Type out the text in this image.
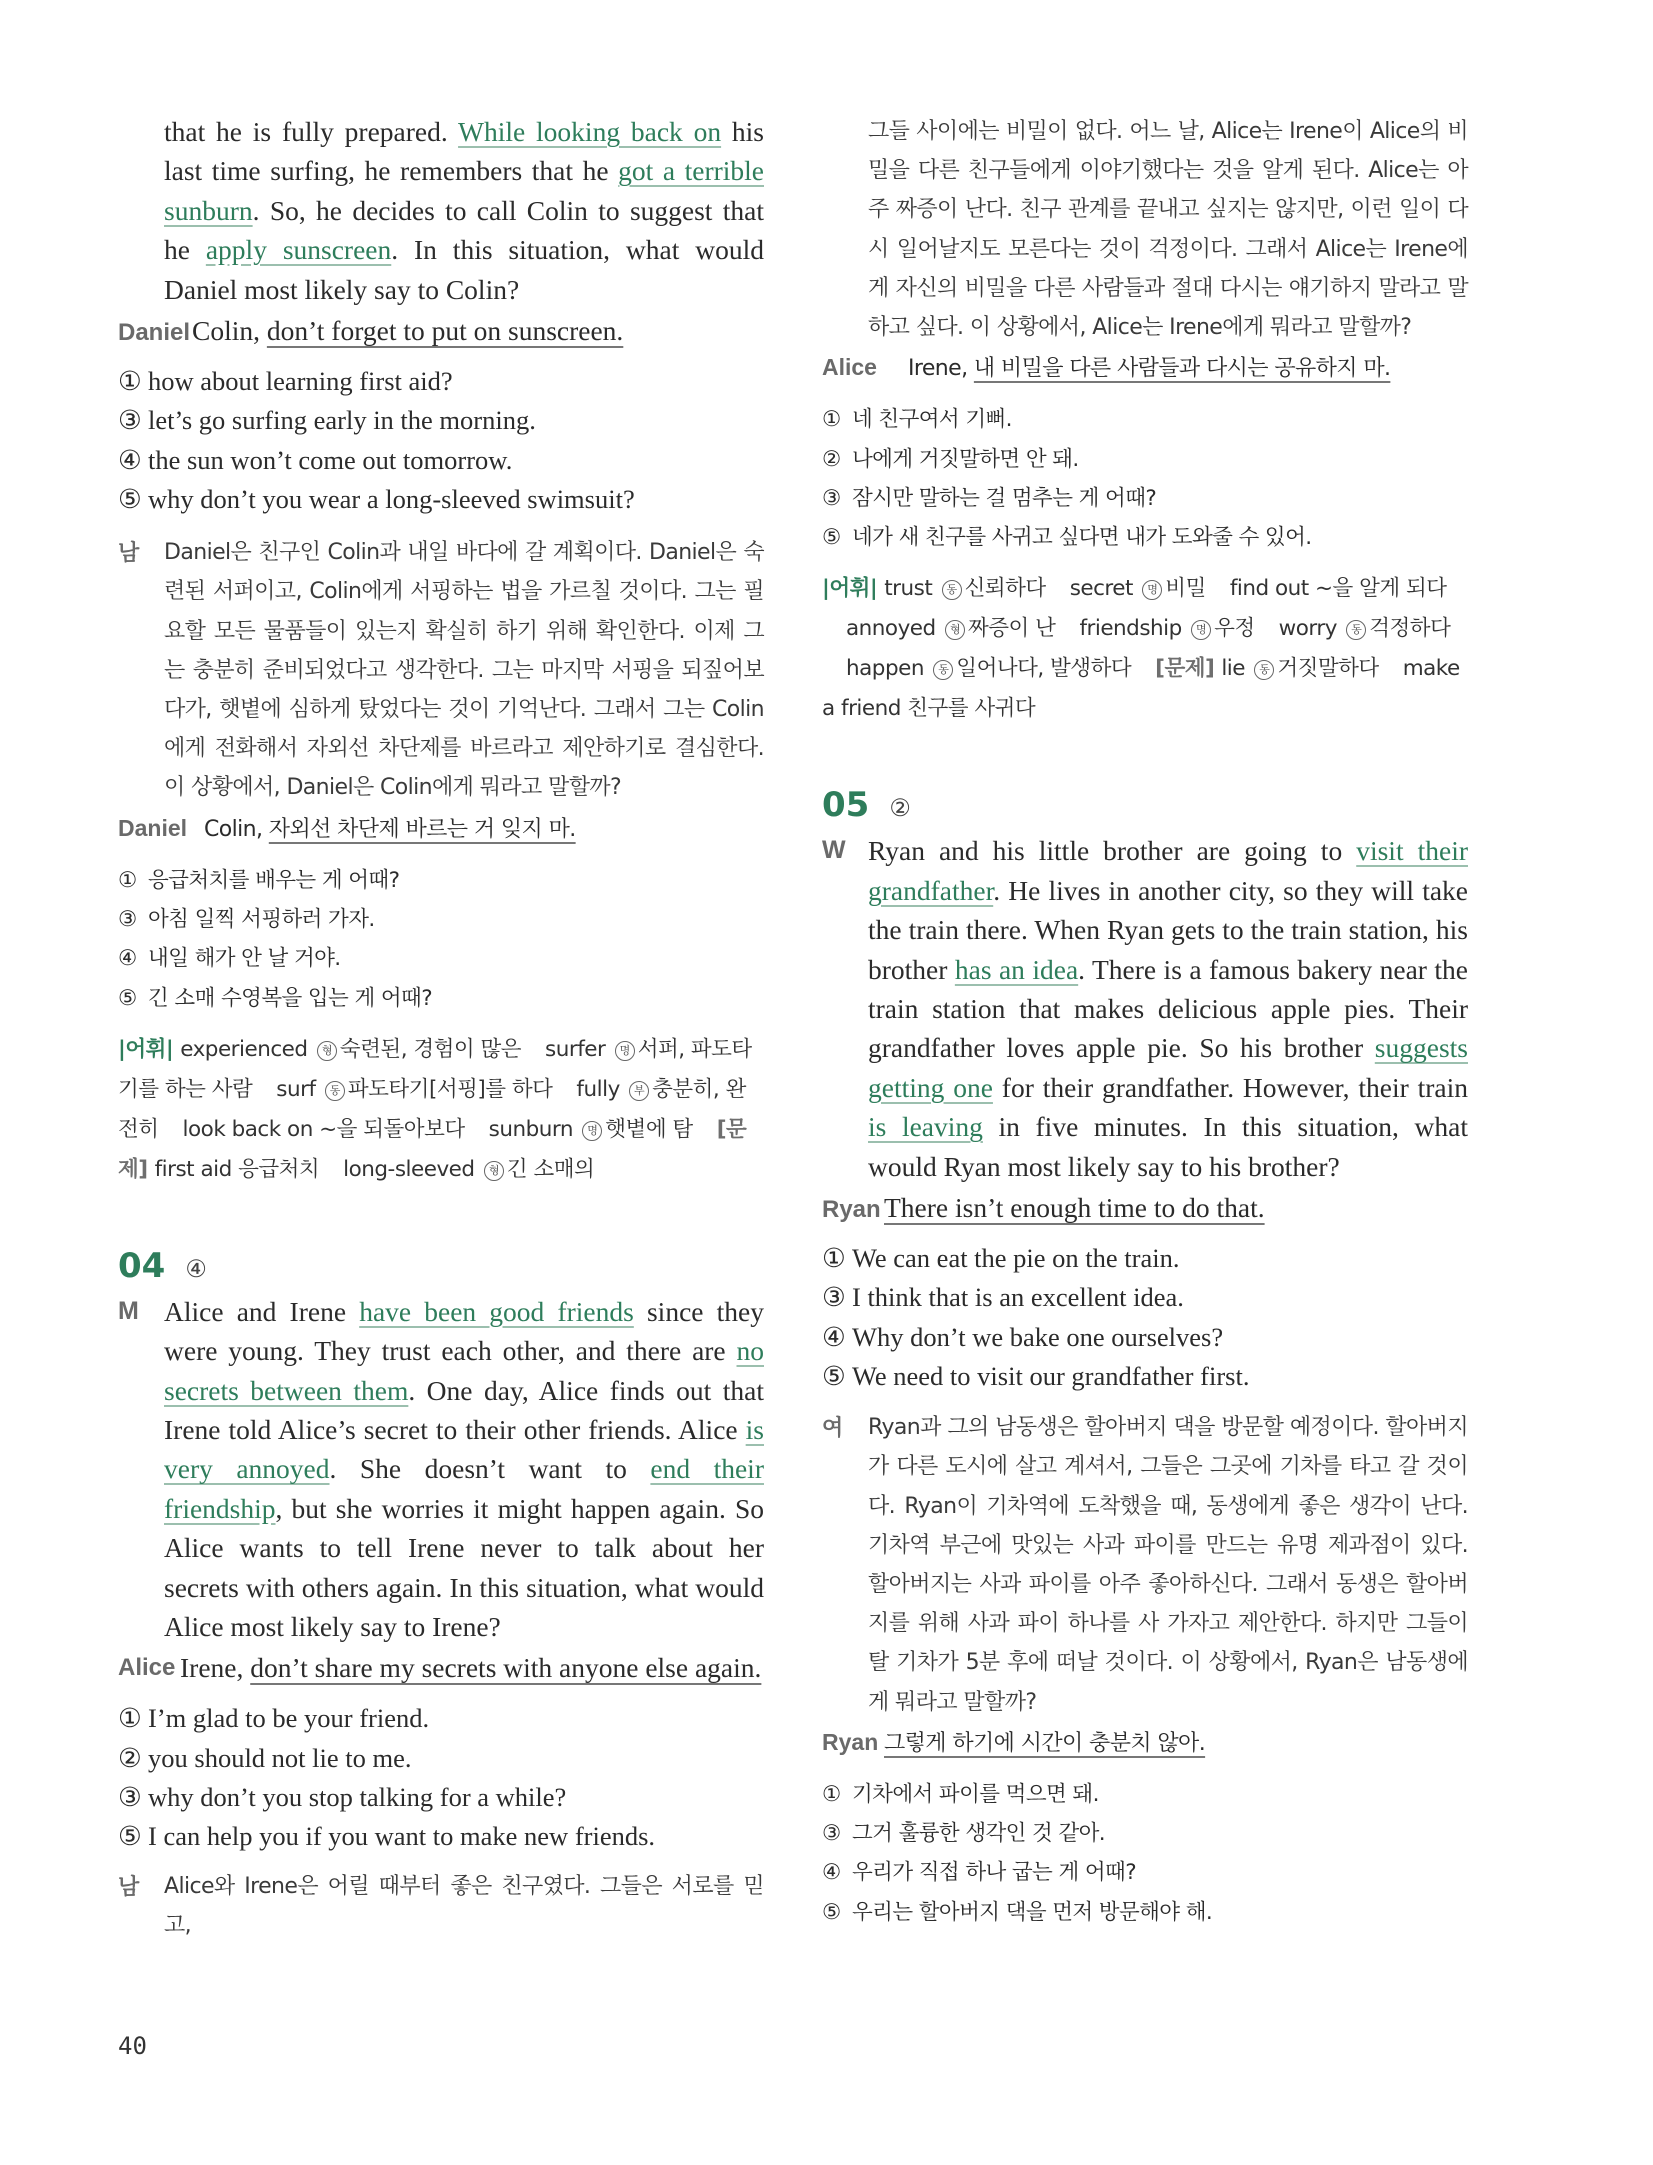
that he is fully prepared. While looking back on his last time surfing, he remembers that he got a terrible sunburn. So, he decides to call Colin to suggest that he apply sunscreen. In this situation, what would Daniel most likely say to Colin?
Daniel Colin, don’t forget to put on sunscreen.
① how about learning first aid?
③ let’s go surfing early in the morning.
④ the sun won’t come out tomorrow.
⑤ why don’t you wear a long-sleeved swimsuit?
남	Daniel은 친구인 Colin과 내일 바다에 갈 계획이다. Daniel은 숙련된 서퍼이고, Colin에게 서핑하는 법을 가르칠 것이다. 그는 필요할 모든 물품들이 있는지 확실히 하기 위해 확인한다. 이제 그는 충분히 준비되었다고 생각한다. 그는 마지막 서핑을 되짚어보다가, 햇볕에 심하게 탔었다는 것이 기억난다. 그래서 그는 Colin에게 전화해서 자외선 차단제를 바르라고 제안하기로 결심한다. 이 상황에서, Daniel은 Colin에게 뭐라고 말할까?
Daniel Colin, 자외선 차단제 바르는 거 잊지 마.
① 응급처치를 배우는 게 어때?
③ 아침 일찍 서핑하러 가자.
④ 내일 해가 안 날 거야.
⑤ 긴 소매 수영복을 입는 게 어때?
|어휘| experienced 형 숙련된, 경험이 많은 surfer 명 서퍼, 파도타기를 하는 사람 surf 동 파도타기[서핑]를 하다 fully 부 충분히, 완전히 look back on ~을 되돌아보다 sunburn 명 햇볕에 탐 [문제] first aid 응급처치 long-sleeved 형 긴 소매의
04 ④
M Alice and Irene have been good friends since they were young. They trust each other, and there are no secrets between them. One day, Alice finds out that Irene told Alice’s secret to their other friends. Alice is very annoyed. She doesn’t want to end their friendship, but she worries it might happen again. So Alice wants to tell Irene never to talk about her secrets with others again. In this situation, what would Alice most likely say to Irene?
Alice Irene, don’t share my secrets with anyone else again.
① I’m glad to be your friend.
② you should not lie to me.
③ why don’t you stop talking for a while?
⑤ I can help you if you want to make new friends.
남	Alice와 Irene은 어릴 때부터 좋은 친구였다. 그들은 서로를 믿고,
그들 사이에는 비밀이 없다. 어느 날, Alice는 Irene이 Alice의 비밀을 다른 친구들에게 이야기했다는 것을 알게 된다. Alice는 아주 짜증이 난다. 친구 관계를 끝내고 싶지는 않지만, 이런 일이 다시 일어날지도 모른다는 것이 걱정이다. 그래서 Alice는 Irene에게 자신의 비밀을 다른 사람들과 절대 다시는 얘기하지 말라고 말하고 싶다. 이 상황에서, Alice는 Irene에게 뭐라고 말할까?
Alice	Irene, 내 비밀을 다른 사람들과 다시는 공유하지 마.
① 네 친구여서 기뻐.
② 나에게 거짓말하면 안 돼.
③ 잠시만 말하는 걸 멈추는 게 어때?
⑤ 네가 새 친구를 사귀고 싶다면 내가 도와줄 수 있어.
|어휘| trust 동 신뢰하다 secret 명 비밀 find out ~을 알게 되다annoyed 형 짜증이 난 friendship 명 우정 worry 동 걱정하다happen 동 일어나다, 발생하다 [문제] lie 동 거짓말하다 make a friend 친구를 사귀다
05 ②
W Ryan and his little brother are going to visit their grandfather. He lives in another city, so they will take the train there. When Ryan gets to the train station, his brother has an idea. There is a famous bakery near the train station that makes delicious apple pies. Their grandfather loves apple pie. So his brother suggests getting one for their grandfather. However, their train is leaving in five minutes. In this situation, what would Ryan most likely say to his brother?
Ryan There isn’t enough time to do that.
① We can eat the pie on the train.
③ I think that is an excellent idea.
④ Why don’t we bake one ourselves?
⑤ We need to visit our grandfather first.
여	Ryan과 그의 남동생은 할아버지 댁을 방문할 예정이다. 할아버지가 다른 도시에 살고 계셔서, 그들은 그곳에 기차를 타고 갈 것이다. Ryan이 기차역에 도착했을 때, 동생에게 좋은 생각이 난다. 기차역 부근에 맛있는 사과 파이를 만드는 유명 제과점이 있다. 할아버지는 사과 파이를 아주 좋아하신다. 그래서 동생은 할아버지를 위해 사과 파이 하나를 사 가자고 제안한다. 하지만 그들이 탈 기차가 5분 후에 떠날 것이다. 이 상황에서, Ryan은 남동생에게 뭐라고 말할까?
Ryan 그렇게 하기에 시간이 충분치 않아.
① 기차에서 파이를 먹으면 돼.
③ 그거 훌륭한 생각인 것 같아.
④ 우리가 직접 하나 굽는 게 어때?
⑤ 우리는 할아버지 댁을 먼저 방문해야 해.
40
